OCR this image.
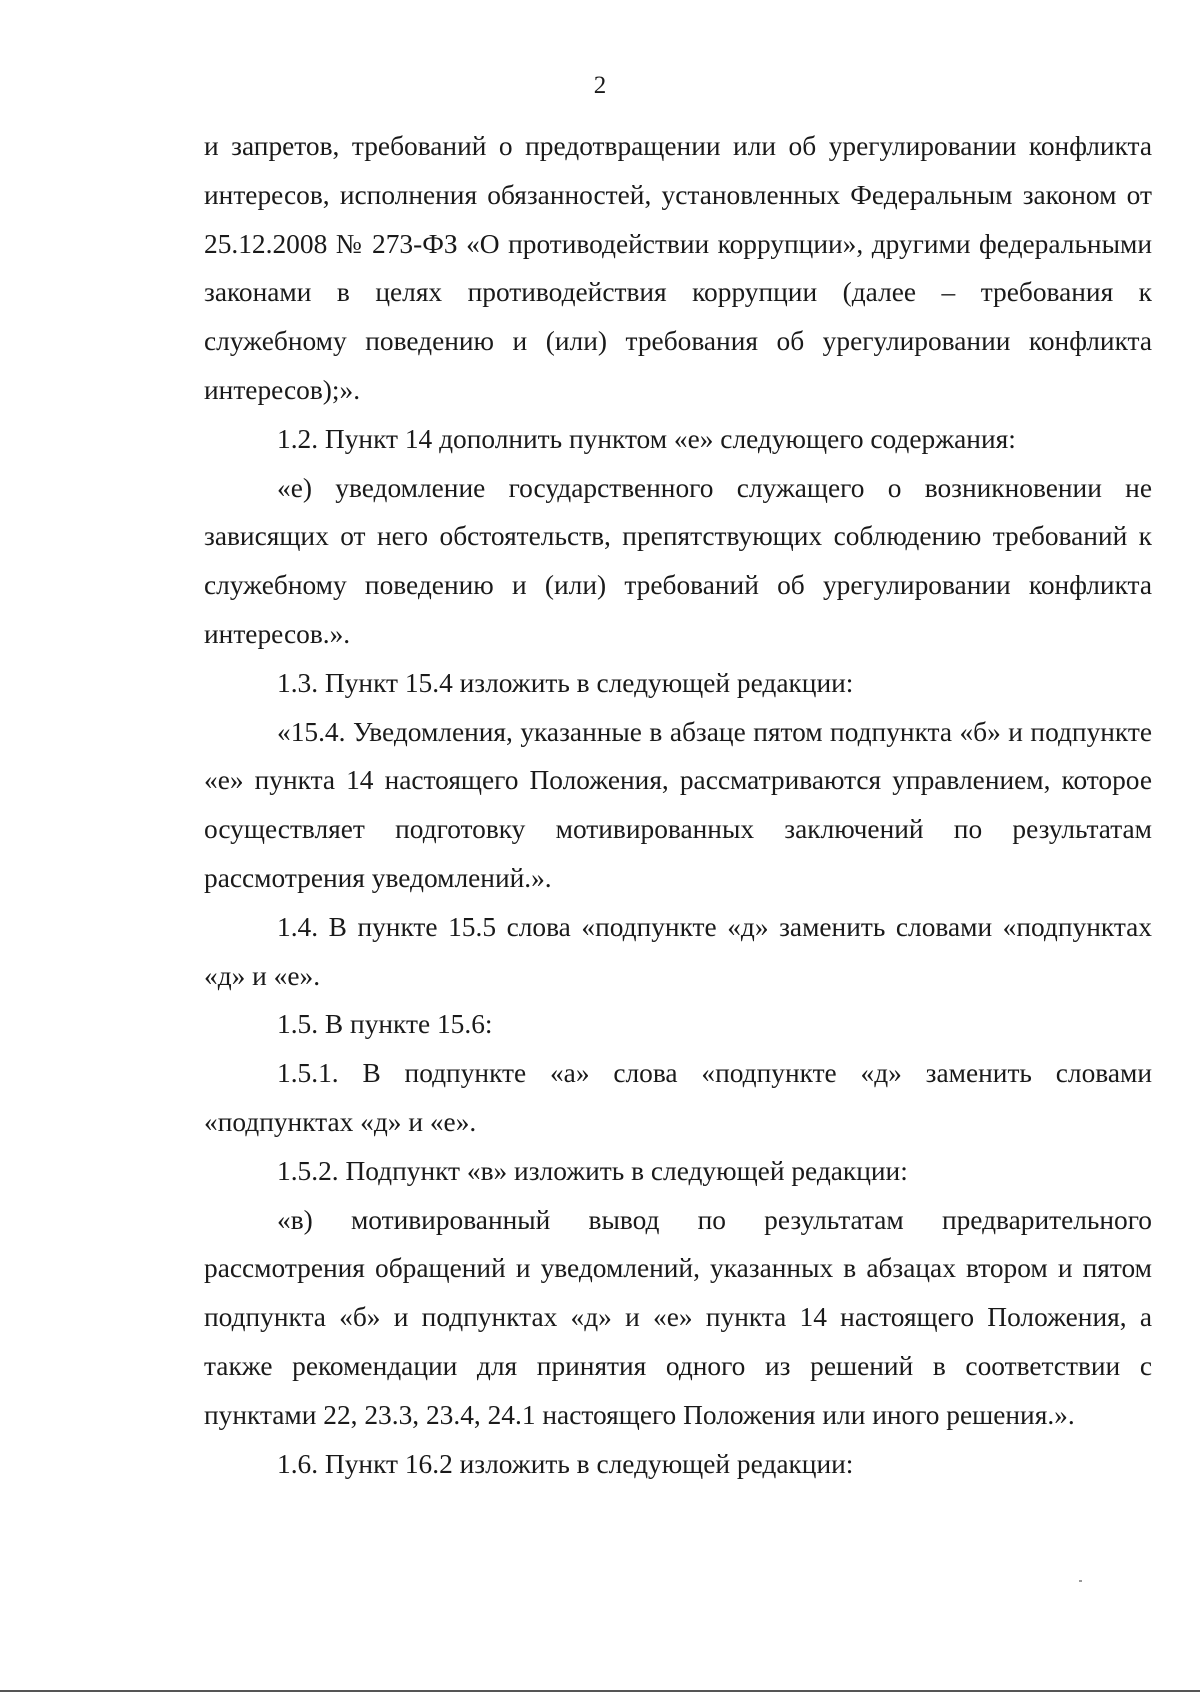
2

и запретов, требований о предотвращении или об урегулировании конфликта интересов, исполнения обязанностей, установленных Федеральным законом от 25.12.2008 № 273-ФЗ «О противодействии коррупции», другими федеральными законами в целях противодействия коррупции (далее – требования к служебному поведению и (или) требования об урегулировании конфликта интересов);».

1.2. Пункт 14 дополнить пунктом «е» следующего содержания:

«е) уведомление государственного служащего о возникновении не зависящих от него обстоятельств, препятствующих соблюдению требований к служебному поведению и (или) требований об урегулировании конфликта интересов.».

1.3. Пункт 15.4 изложить в следующей редакции:

«15.4. Уведомления, указанные в абзаце пятом подпункта «б» и подпункте «е» пункта 14 настоящего Положения, рассматриваются управлением, которое осуществляет подготовку мотивированных заключений по результатам рассмотрения уведомлений.».

1.4. В пункте 15.5 слова «подпункте «д» заменить словами «подпунктах «д» и «е».

1.5. В пункте 15.6:

1.5.1. В подпункте «а» слова «подпункте «д» заменить словами «подпунктах «д» и «е».

1.5.2. Подпункт «в» изложить в следующей редакции:

«в) мотивированный вывод по результатам предварительного рассмотрения обращений и уведомлений, указанных в абзацах втором и пятом подпункта «б» и подпунктах «д» и «е» пункта 14 настоящего Положения, а также рекомендации для принятия одного из решений в соответствии с пунктами 22, 23.3, 23.4, 24.1 настоящего Положения или иного решения.».

1.6. Пункт 16.2 изложить в следующей редакции:
